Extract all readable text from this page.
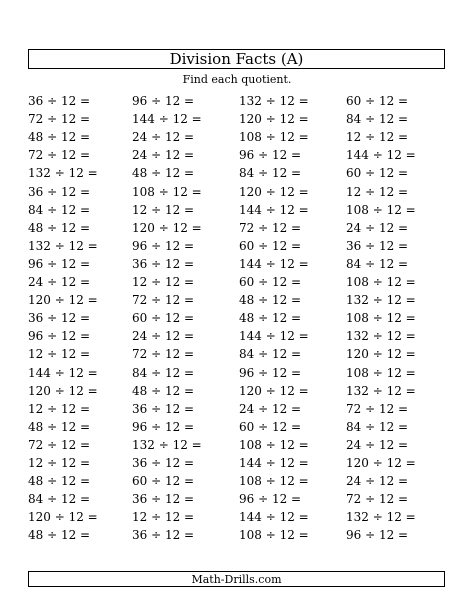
Division Facts (A)
Find each quotient.
36 ÷ 12 =
72 ÷ 12 =
48 ÷ 12 =
72 ÷ 12 =
132 ÷ 12 =
36 ÷ 12 =
84 ÷ 12 =
48 ÷ 12 =
132 ÷ 12 =
96 ÷ 12 =
24 ÷ 12 =
120 ÷ 12 =
36 ÷ 12 =
96 ÷ 12 =
12 ÷ 12 =
144 ÷ 12 =
120 ÷ 12 =
12 ÷ 12 =
48 ÷ 12 =
72 ÷ 12 =
12 ÷ 12 =
48 ÷ 12 =
84 ÷ 12 =
120 ÷ 12 =
48 ÷ 12 =
96 ÷ 12 =
144 ÷ 12 =
24 ÷ 12 =
24 ÷ 12 =
48 ÷ 12 =
108 ÷ 12 =
12 ÷ 12 =
120 ÷ 12 =
96 ÷ 12 =
36 ÷ 12 =
12 ÷ 12 =
72 ÷ 12 =
60 ÷ 12 =
24 ÷ 12 =
72 ÷ 12 =
84 ÷ 12 =
48 ÷ 12 =
36 ÷ 12 =
96 ÷ 12 =
132 ÷ 12 =
36 ÷ 12 =
60 ÷ 12 =
36 ÷ 12 =
12 ÷ 12 =
36 ÷ 12 =
132 ÷ 12 =
120 ÷ 12 =
108 ÷ 12 =
96 ÷ 12 =
84 ÷ 12 =
120 ÷ 12 =
144 ÷ 12 =
72 ÷ 12 =
60 ÷ 12 =
144 ÷ 12 =
60 ÷ 12 =
48 ÷ 12 =
48 ÷ 12 =
144 ÷ 12 =
84 ÷ 12 =
96 ÷ 12 =
120 ÷ 12 =
24 ÷ 12 =
60 ÷ 12 =
108 ÷ 12 =
144 ÷ 12 =
108 ÷ 12 =
96 ÷ 12 =
144 ÷ 12 =
108 ÷ 12 =
60 ÷ 12 =
84 ÷ 12 =
12 ÷ 12 =
144 ÷ 12 =
60 ÷ 12 =
12 ÷ 12 =
108 ÷ 12 =
24 ÷ 12 =
36 ÷ 12 =
84 ÷ 12 =
108 ÷ 12 =
132 ÷ 12 =
108 ÷ 12 =
132 ÷ 12 =
120 ÷ 12 =
108 ÷ 12 =
132 ÷ 12 =
72 ÷ 12 =
84 ÷ 12 =
24 ÷ 12 =
120 ÷ 12 =
24 ÷ 12 =
72 ÷ 12 =
132 ÷ 12 =
96 ÷ 12 =
Math-Drills.com
